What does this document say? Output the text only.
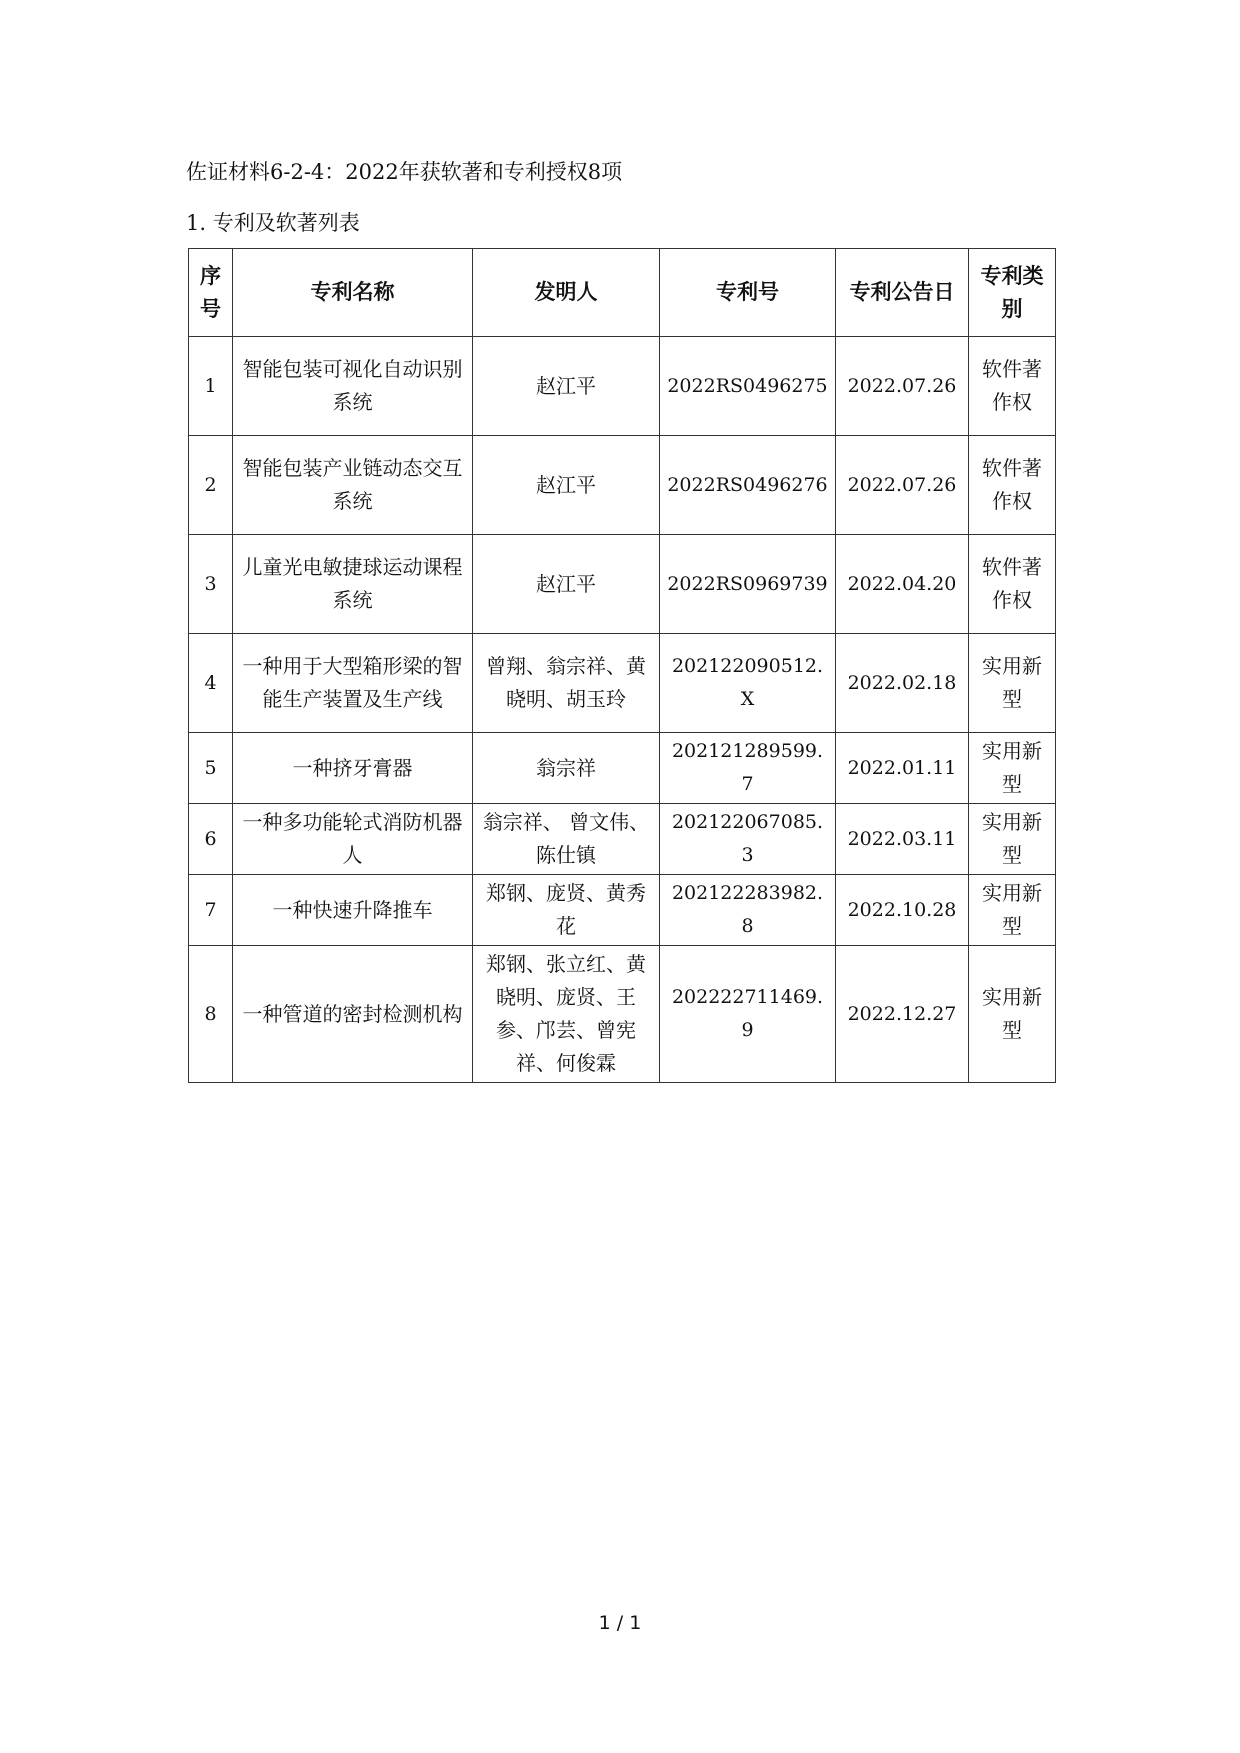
佐证材料6-2-4：2022年获软著和专利授权8项
1. 专利及软著列表
序号	专利名称	发明人	专利号	专利公告日	专利类别
1	智能包装可视化自动识别系统	赵江平	2022RS0496275	2022.07.26	软件著作权
2	智能包装产业链动态交互系统	赵江平	2022RS0496276	2022.07.26	软件著作权
3	儿童光电敏捷球运动课程系统	赵江平	2022RS0969739	2022.04.20	软件著作权
4	一种用于大型箱形梁的智能生产装置及生产线	曾翔、翁宗祥、黄晓明、胡玉玲	202122090512.X	2022.02.18	实用新型
5	一种挤牙膏器	翁宗祥	202121289599.7	2022.01.11	实用新型
6	一种多功能轮式消防机器人	翁宗祥、 曾文伟、陈仕镇	202122067085.3	2022.03.11	实用新型
7	一种快速升降推车	郑钢、庞贤、黄秀花	202122283982.8	2022.10.28	实用新型
8	一种管道的密封检测机构	郑钢、张立红、黄晓明、庞贤、王参、邝芸、曾宪祥、何俊霖	202222711469.9	2022.12.27	实用新型
1 / 1
